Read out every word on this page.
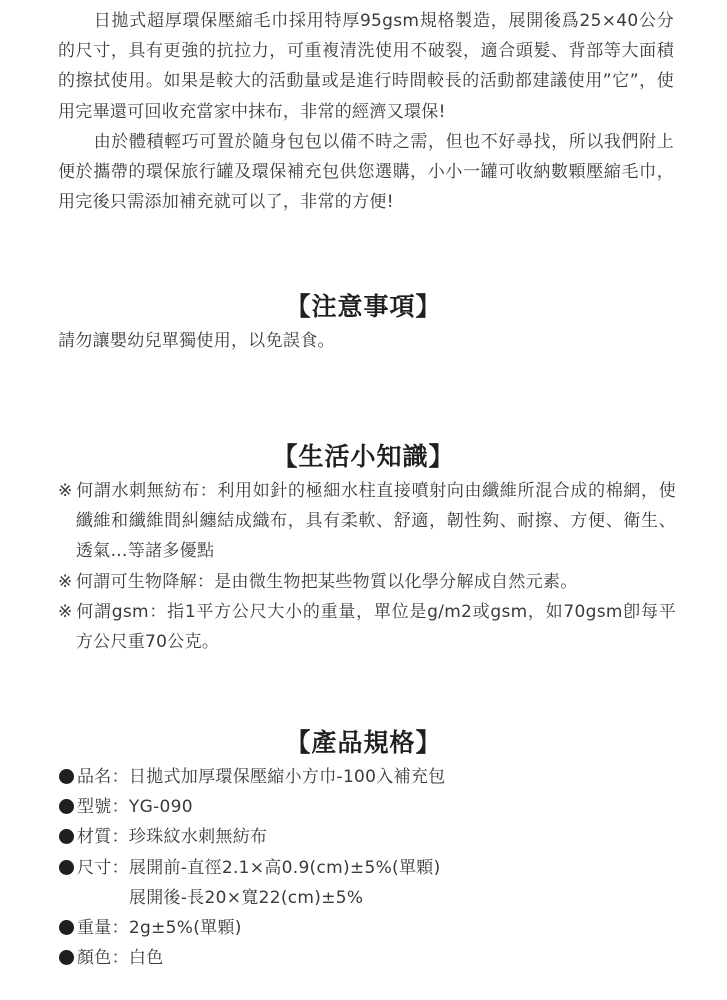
日拋式超厚環保壓縮毛巾採用特厚95gsm規格製造，展開後爲25×40公分的尺寸，具有更強的抗拉力，可重複清洗使用不破裂，適合頭髮、背部等大面積的擦拭使用。如果是較大的活動量或是進行時間較長的活動都建議使用”它”，使用完畢還可回收充當家中抹布，非常的經濟又環保!

由於體積輕巧可置於隨身包包以備不時之需，但也不好尋找，所以我們附上便於攜帶的環保旅行罐及環保補充包供您選購，小小一罐可收納數顆壓縮毛巾，用完後只需添加補充就可以了，非常的方便!

【注意事項】
請勿讓嬰幼兒單獨使用，以免誤食。
【生活小知識】

※ 何謂水刺無紡布：利用如針的極細水柱直接噴射向由纖維所混合成的棉網，使纖維和纖維間糾纏結成織布，具有柔軟、舒適，韌性夠、耐擦、方便、衛生、透氣…等諸多優點

※ 何謂可生物降解：是由微生物把某些物質以化學分解成自然元素。

※ 何謂gsm：指1平方公尺大小的重量，單位是g/m2或gsm，如70gsm卽每平方公尺重70公克。

【產品規格】
品名： 日拋式加厚環保壓縮小方巾-100入補充包
型號： YG-090
材質： 珍珠紋水刺無紡布
尺寸： 展開前-直徑2.1×高0.9(cm)±5%(單顆)
展開後-長20×寬22(cm)±5%
重量： 2g±5%(單顆)
顏色： 白色
